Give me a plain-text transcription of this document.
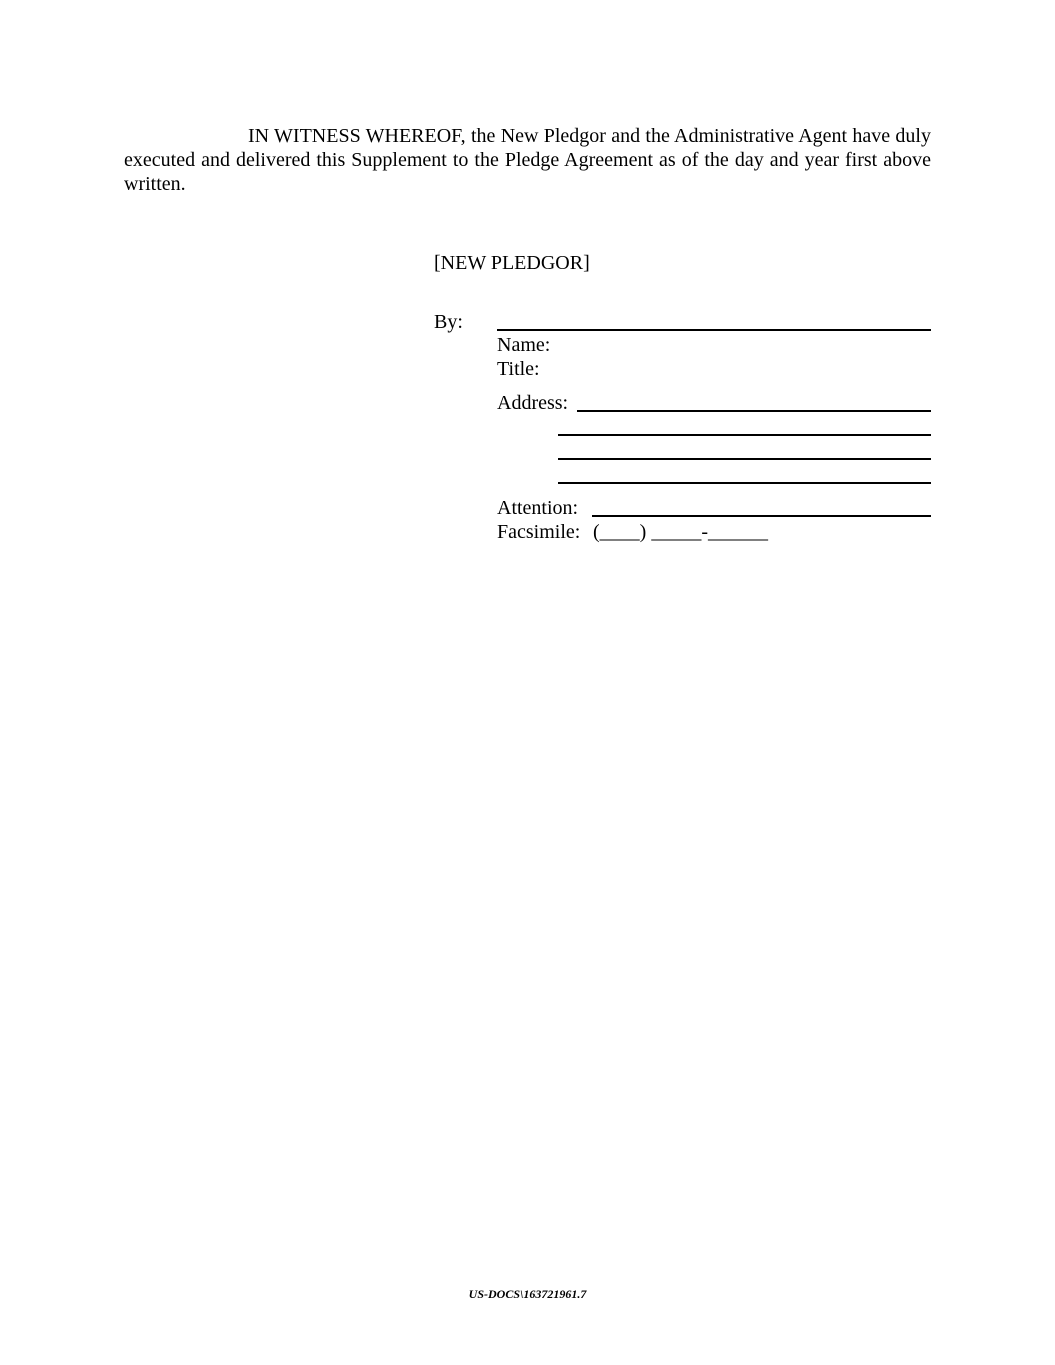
IN WITNESS WHEREOF, the New Pledgor and the Administrative Agent have duly executed and delivered this Supplement to the Pledge Agreement as of the day and year first above written.

[NEW PLEDGOR]
By:
Name:
Title:
Address:
Attention:
Facsimile: (____) _____-______
US-DOCS\163721961.7
